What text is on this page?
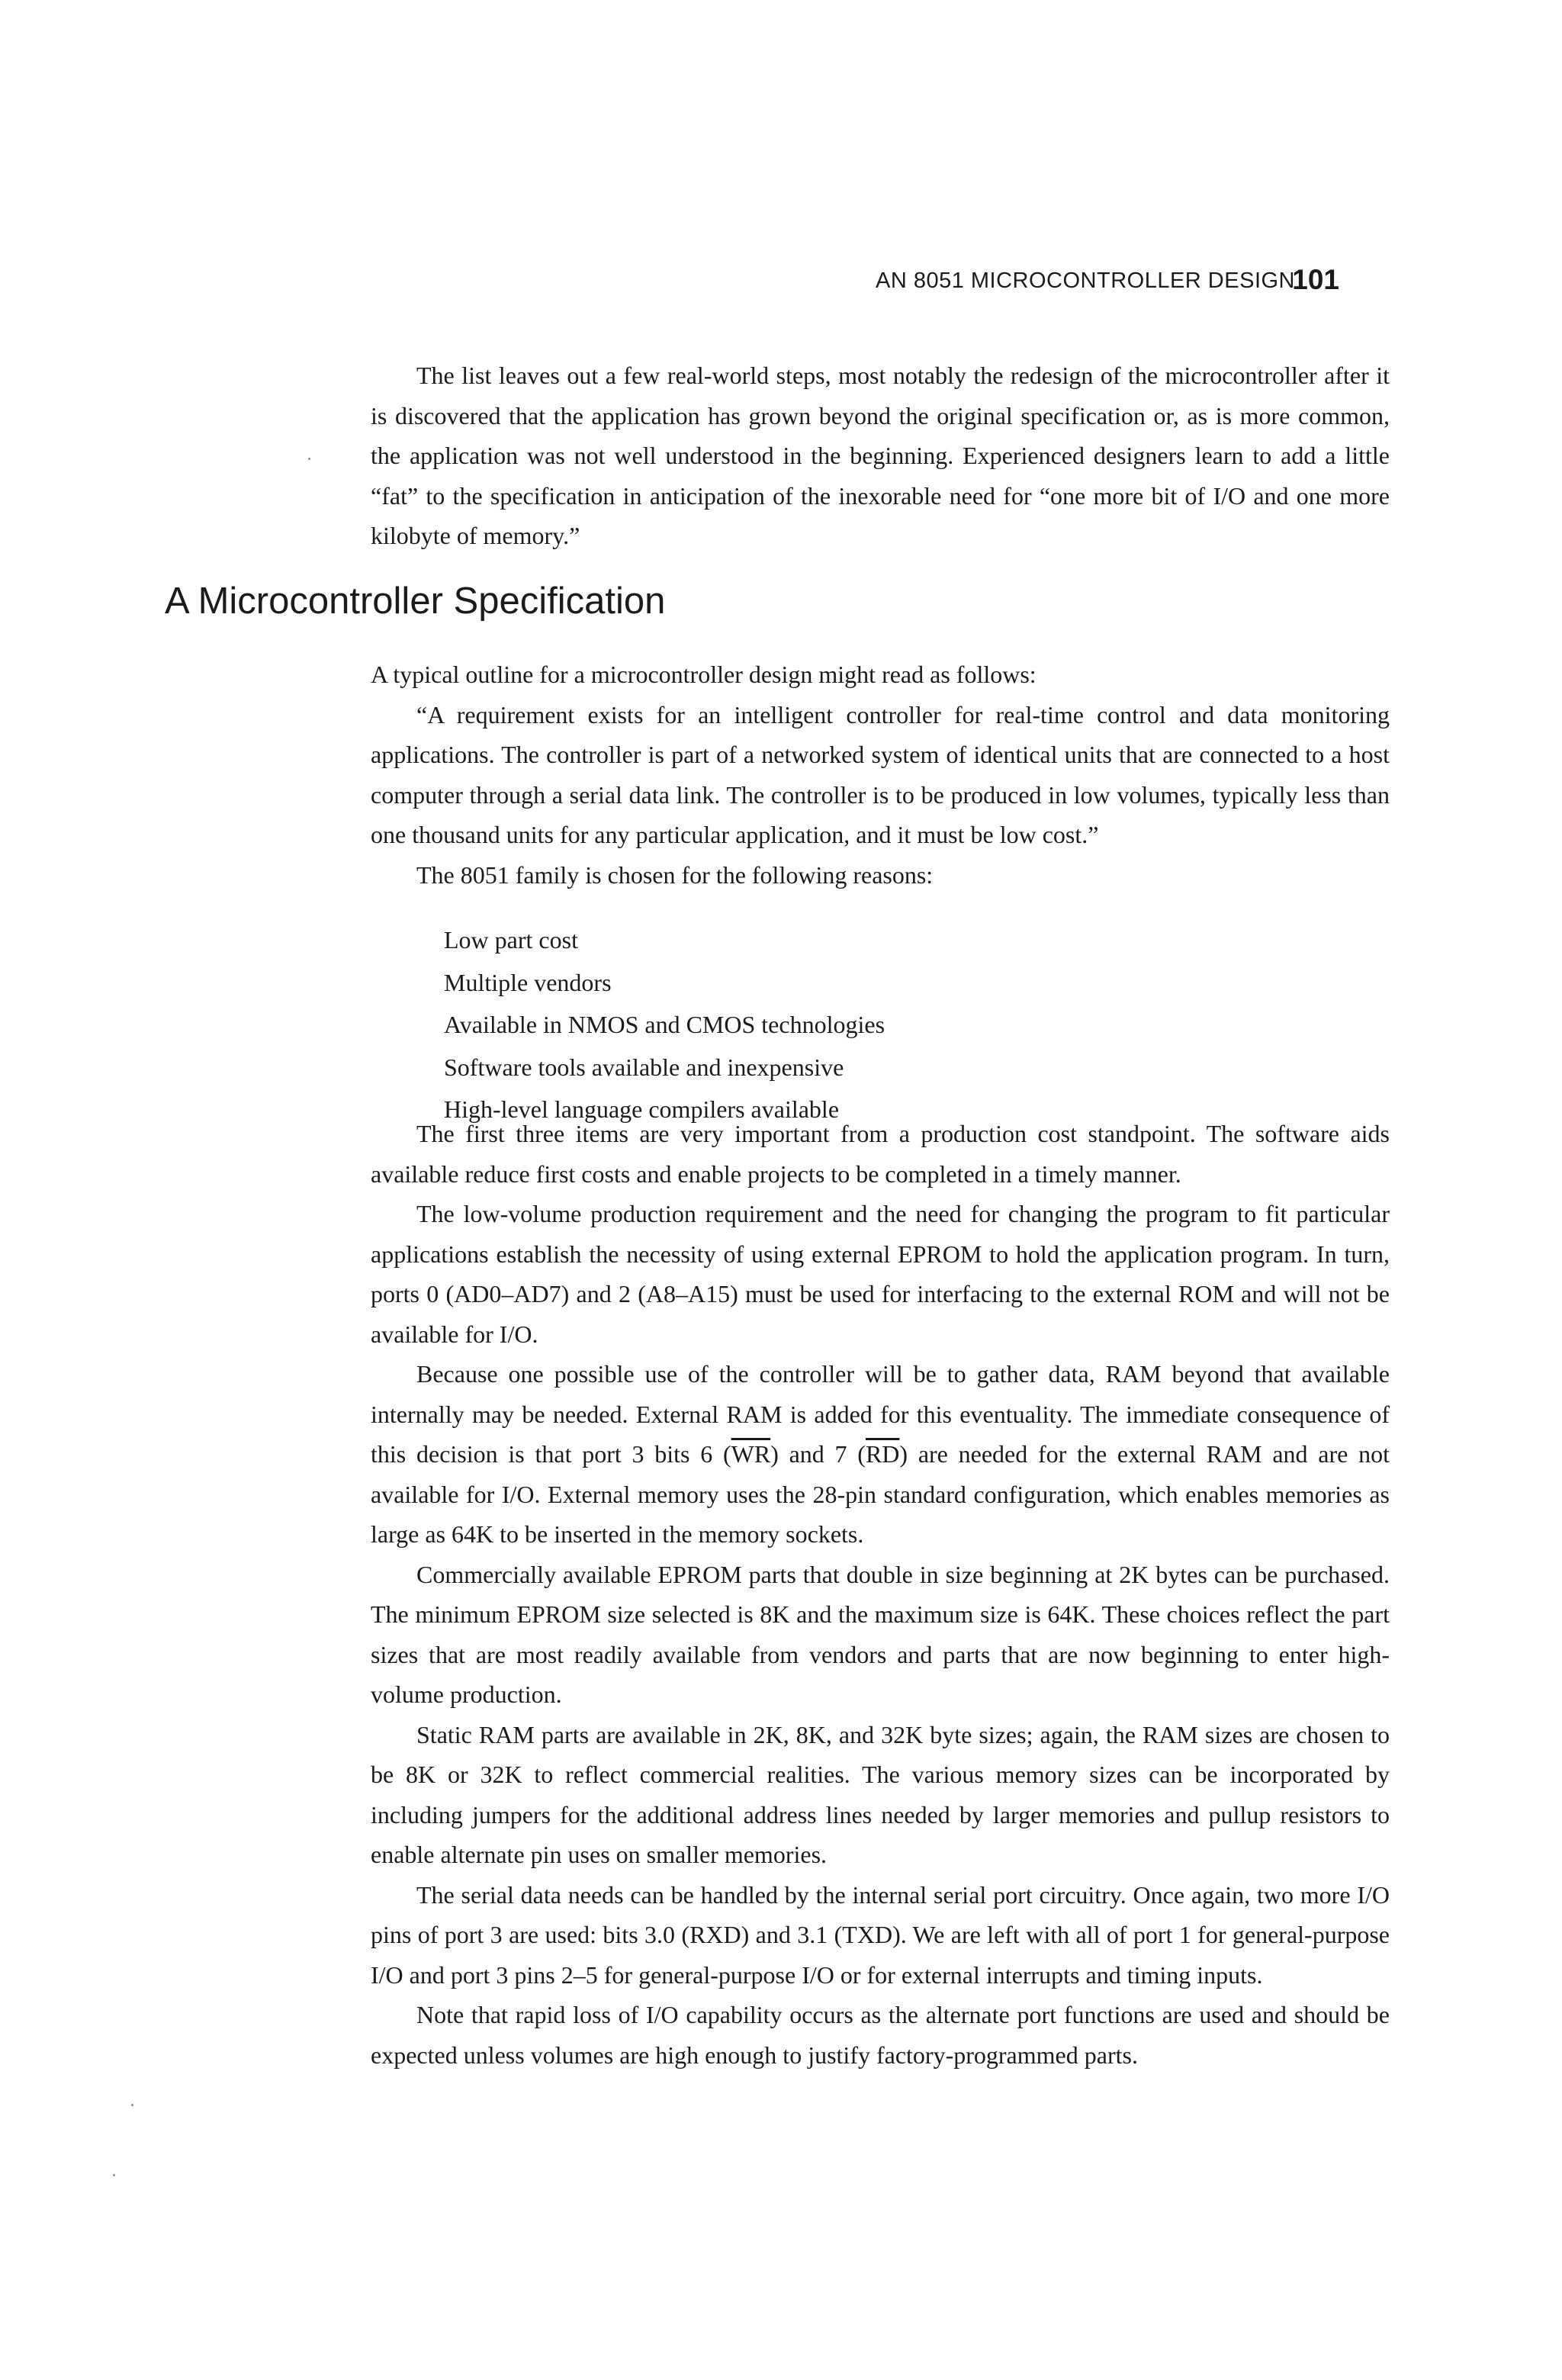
AN 8051 MICROCONTROLLER DESIGN
101

The list leaves out a few real-world steps, most notably the redesign of the microcontroller after it is discovered that the application has grown beyond the original specification or, as is more common, the application was not well understood in the beginning. Experienced designers learn to add a little “fat” to the specification in anticipation of the inexorable need for “one more bit of I/O and one more kilobyte of memory.”

A Microcontroller Specification

A typical outline for a microcontroller design might read as follows:

“A requirement exists for an intelligent controller for real-time control and data monitoring applications. The controller is part of a networked system of identical units that are connected to a host computer through a serial data link. The controller is to be produced in low volumes, typically less than one thousand units for any particular application, and it must be low cost.”

The 8051 family is chosen for the following reasons:

Low part cost
Multiple vendors
Available in NMOS and CMOS technologies
Software tools available and inexpensive
High-level language compilers available

The first three items are very important from a production cost standpoint. The software aids available reduce first costs and enable projects to be completed in a timely manner.

The low-volume production requirement and the need for changing the program to fit particular applications establish the necessity of using external EPROM to hold the application program. In turn, ports 0 (AD0–AD7) and 2 (A8–A15) must be used for interfacing to the external ROM and will not be available for I/O.

Because one possible use of the controller will be to gather data, RAM beyond that available internally may be needed. External RAM is added for this eventuality. The immediate consequence of this decision is that port 3 bits 6 $(\overline{WR})$ and 7 $(\overline{RD})$ are needed for the external RAM and are not available for I/O. External memory uses the 28-pin standard configuration, which enables memories as large as 64K to be inserted in the memory sockets.

Commercially available EPROM parts that double in size beginning at 2K bytes can be purchased. The minimum EPROM size selected is 8K and the maximum size is 64K. These choices reflect the part sizes that are most readily available from vendors and parts that are now beginning to enter high-volume production.

Static RAM parts are available in 2K, 8K, and 32K byte sizes; again, the RAM sizes are chosen to be 8K or 32K to reflect commercial realities. The various memory sizes can be incorporated by including jumpers for the additional address lines needed by larger memories and pullup resistors to enable alternate pin uses on smaller memories.

The serial data needs can be handled by the internal serial port circuitry. Once again, two more I/O pins of port 3 are used: bits 3.0 (RXD) and 3.1 (TXD). We are left with all of port 1 for general-purpose I/O and port 3 pins 2–5 for general-purpose I/O or for external interrupts and timing inputs.

Note that rapid loss of I/O capability occurs as the alternate port functions are used and should be expected unless volumes are high enough to justify factory-programmed parts.
